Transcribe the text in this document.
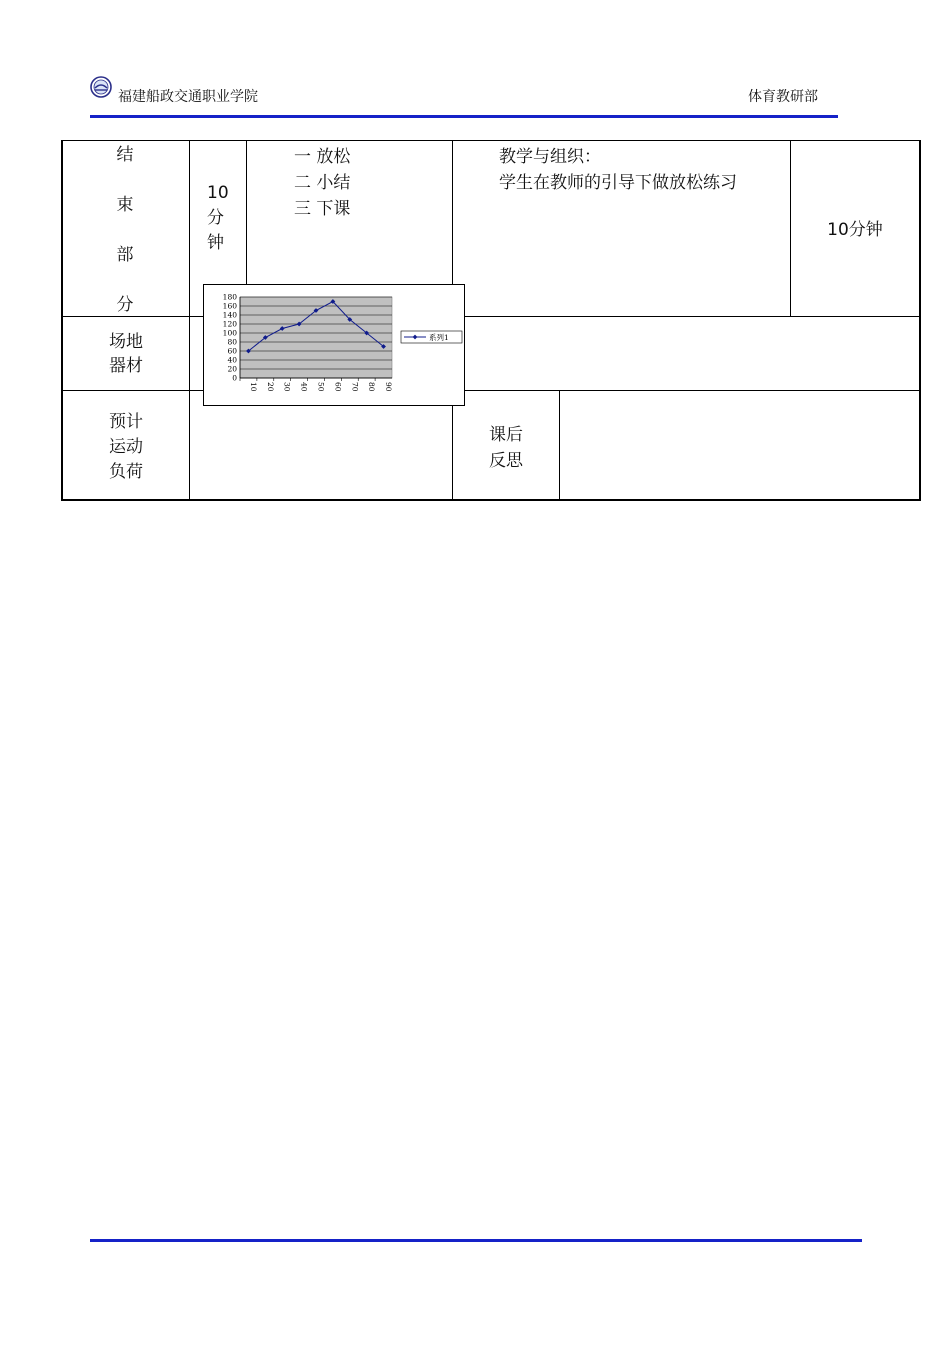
福建船政交通职业学院	体育教研部
结
束
部
分
10
分
钟
一 放松
二 小结
三 下课
教学与组织：
学生在教师的引导下做放松练习
10分钟
场地
器材
预计
运动
负荷
课后
反思
0
20
40
60
80
100
120
140
160
180
10 20 30 40 50 60 70 80 90
系列1
